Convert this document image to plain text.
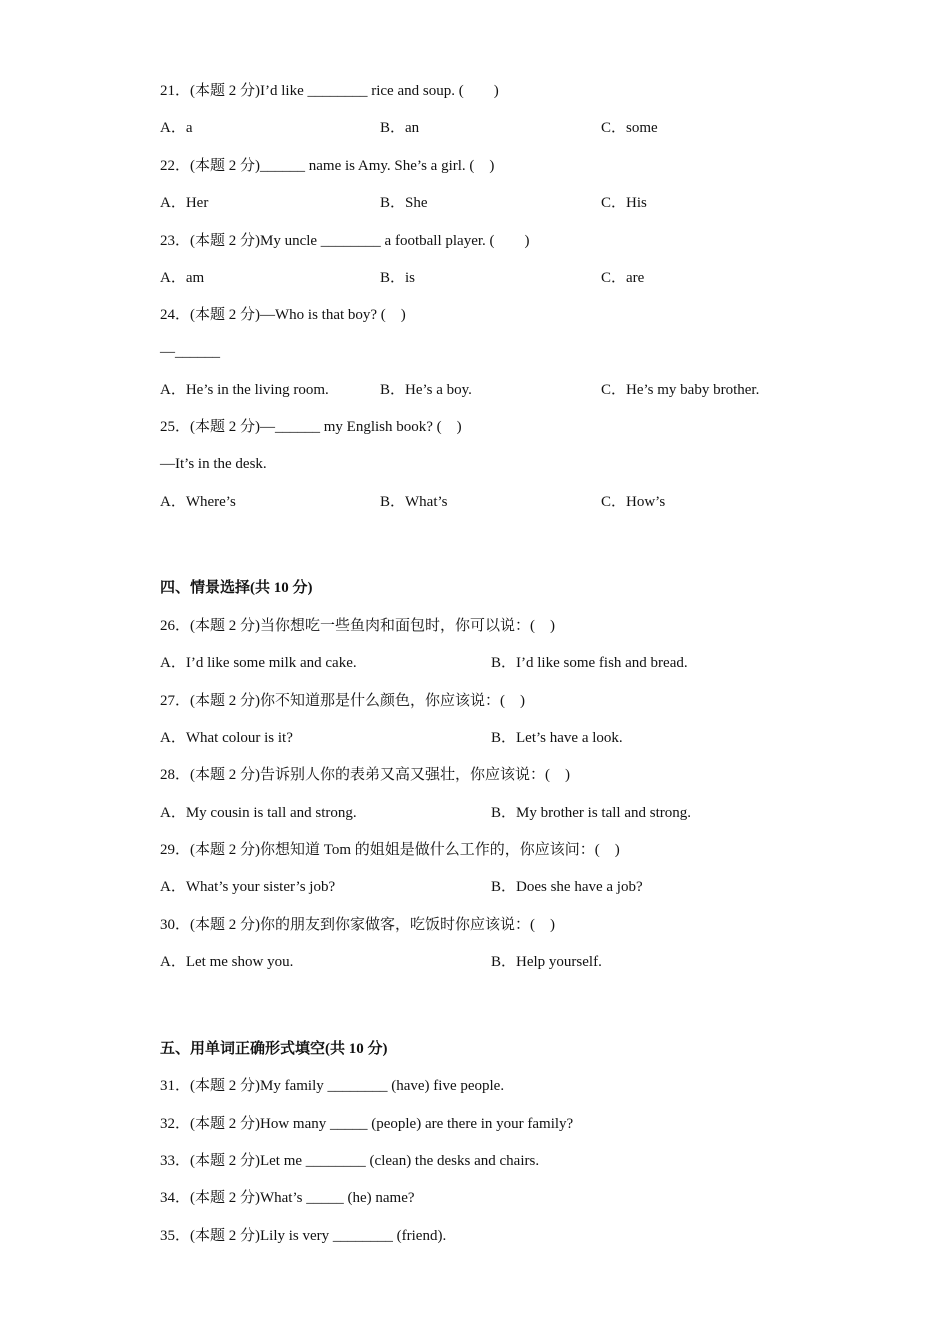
21．(本题 2 分)I’d like ________ rice and soup. (　　)
A．a	B．an	C．some
22．(本题 2 分)______ name is Amy. She’s a girl. (　)
A．Her	B．She	C．His
23．(本题 2 分)My uncle ________ a football player. (　　)
A．am	B．is	C．are
24．(本题 2 分)—Who is that boy? (　)
—______
A．He’s in the living room.	B．He’s a boy.	C．He’s my baby brother.
25．(本题 2 分)—______ my English book? (　)
—It’s in the desk.
A．Where’s	B．What’s	C．How’s
四、情景选择(共 10 分)
26．(本题 2 分)当你想吃一些鱼肉和面包时，你可以说：(　)
A．I’d like some milk and cake.	B．I’d like some fish and bread.
27．(本题 2 分)你不知道那是什么颜色，你应该说：(　)
A．What colour is it?	B．Let’s have a look.
28．(本题 2 分)告诉别人你的表弟又高又强壮，你应该说：(　)
A．My cousin is tall and strong.	B．My brother is tall and strong.
29．(本题 2 分)你想知道 Tom 的姐姐是做什么工作的，你应该问：(　)
A．What’s your sister’s job?	B．Does she have a job?
30．(本题 2 分)你的朋友到你家做客，吃饭时你应该说：(　)
A．Let me show you.	B．Help yourself.
五、用单词正确形式填空(共 10 分)
31．(本题 2 分)My family ________ (have) five people.
32．(本题 2 分)How many _____ (people) are there in your family?
33．(本题 2 分)Let me ________ (clean) the desks and chairs.
34．(本题 2 分)What’s _____ (he) name?
35．(本题 2 分)Lily is very ________ (friend).
